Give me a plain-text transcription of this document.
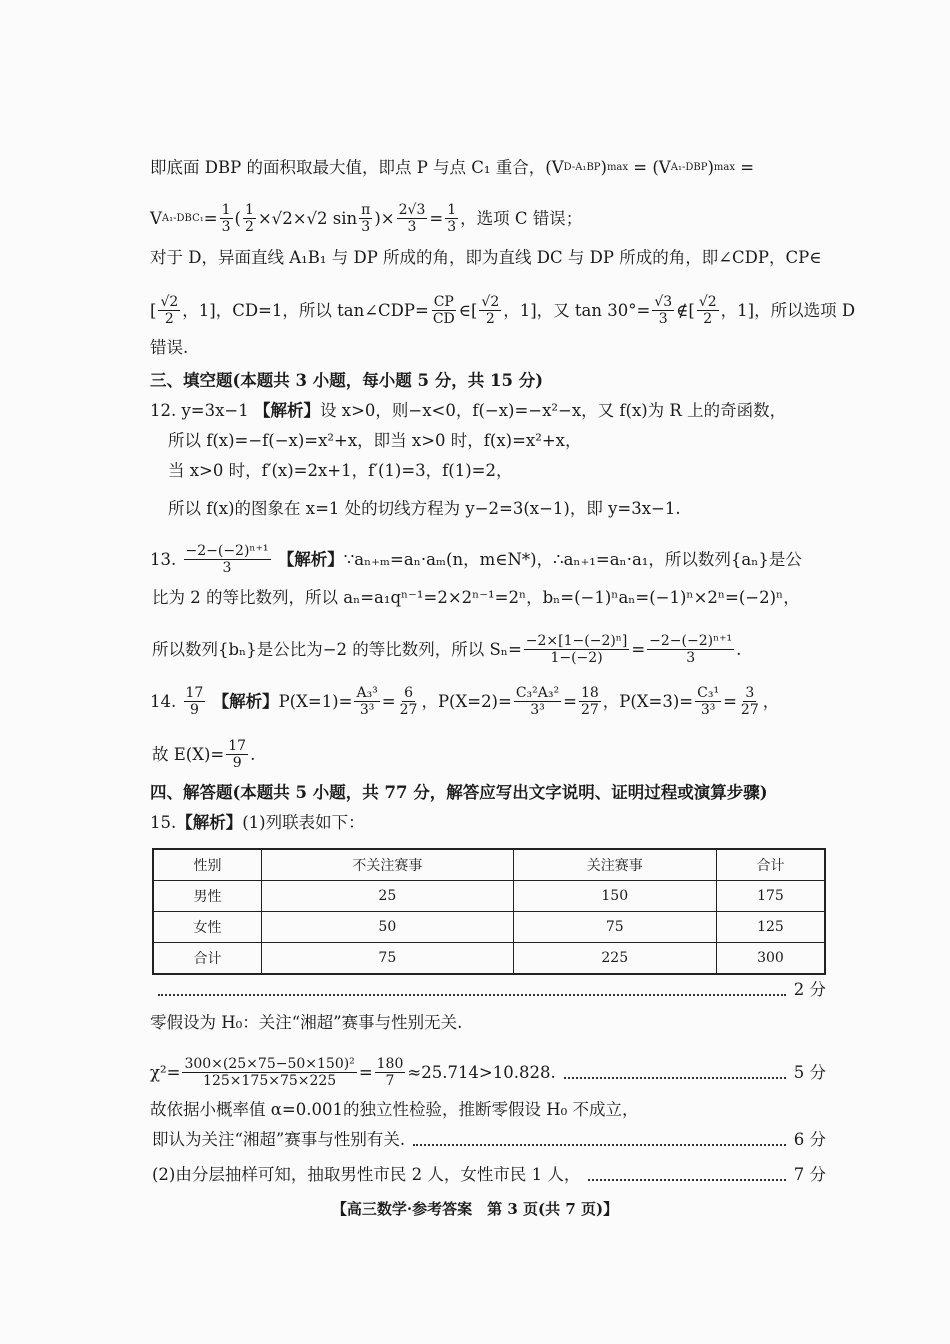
性别	不关注赛事	关注赛事	合计
男性	25	150	175
女性	50	75	125
合计	75	225	300
【高三数学·参考答案　第 3 页(共 7 页)】
即底面 DBP 的面积取最大值，即点 P 与点 C₁ 重合，(V D-A₁BP ) max = (V A₁-DBP ) max =
V $A_1-DBC_1 = \frac{1}{3}$ ( $\frac{1}{2} \times√2\times√2$ $\sin \frac{\pi}{3}$ )× $\frac{2√3}{3} = \frac{1}{3}$ ，选项 C 错误；
对于 D，异面直线 A₁B₁ 与 DP 所成的角，即为直线 DC 与 DP 所成的角，即∠CDP，CP∈
[ $\frac{√2}{2}$ ，1]，CD=1，所以 tan∠CDP= $\frac{CP}{CD}$ ∈[ $\frac{√2}{2}$ ，1]，又 $\tan 30^\circ= \frac{√3}{3}$ ∉[ $\frac{√2}{2}$ ，1]，所以选项 D
错误.
三、填空题(本题共 3 小题，每小题 5 分，共 15 分)
12. y=3x−1 【解析】 设 x>0，则−x<0，f(−x)=−x²−x，又 f(x)为 R 上的奇函数，
所以 f(x)=−f(−x)=x²+x，即当 x>0 时，f(x)=x²+x，
当 x>0 时，f′(x)=2x+1，f′(1)=3，f(1)=2，
所以 f(x)的图象在 x=1 处的切线方程为 y−2=3(x−1)，即 y=3x−1.
13. $\frac{\text{−2−(−2)ⁿ⁺¹}}{3}$
【解析】 ∵aₙ₊ₘ=aₙ·aₘ(n，m∈N*)，∴aₙ₊₁=aₙ·a₁，所以数列{aₙ}是公
比为 2 的等比数列，所以 aₙ=a₁qⁿ⁻¹=2×2ⁿ⁻¹=2ⁿ，bₙ=(−1)ⁿaₙ=(−1)ⁿ×2ⁿ=(−2)ⁿ，
所以数列{bₙ}是公比为−2 的等比数列，所以 $S_n= \frac{\text{−2×[1−(−2)ⁿ]}}{1-(-2)} = \frac{\text{−2−(−2)ⁿ⁺¹}}{3}$ .
14. $\frac{17}{9}$
【解析】 $P(X=1)= \frac{\text{A₃³}}{\text{3³}} = \frac{6}{27}$ ，$P(X=2)= \frac{\text{C₃²A₃²}}{\text{3³}} = \frac{18}{27}$ ，$P(X=3)= \frac{\text{C₃¹}}{\text{3³}} = \frac{3}{27}$ ，
故 $E(X)= \frac{17}{9}$ .
四、解答题(本题共 5 小题，共 77 分，解答应写出文字说明、证明过程或演算步骤)
15. 【解析】 (1)列联表如下：
2 分
零假设为 H₀：关注“湘超”赛事与性别无关.
$\chi^2= \frac{\text{300×(25×75−50×150)²}}{125\times 175\times 75\times 225} = \frac{180}{7} \approx 25.714>10.828$.	5 分
故依据小概率值 α=0.001的独立性检验，推断零假设 H₀ 不成立，
即认为关注“湘超”赛事与性别有关.	6 分
(2)由分层抽样可知，抽取男性市民 2 人，女性市民 1 人，	7 分
